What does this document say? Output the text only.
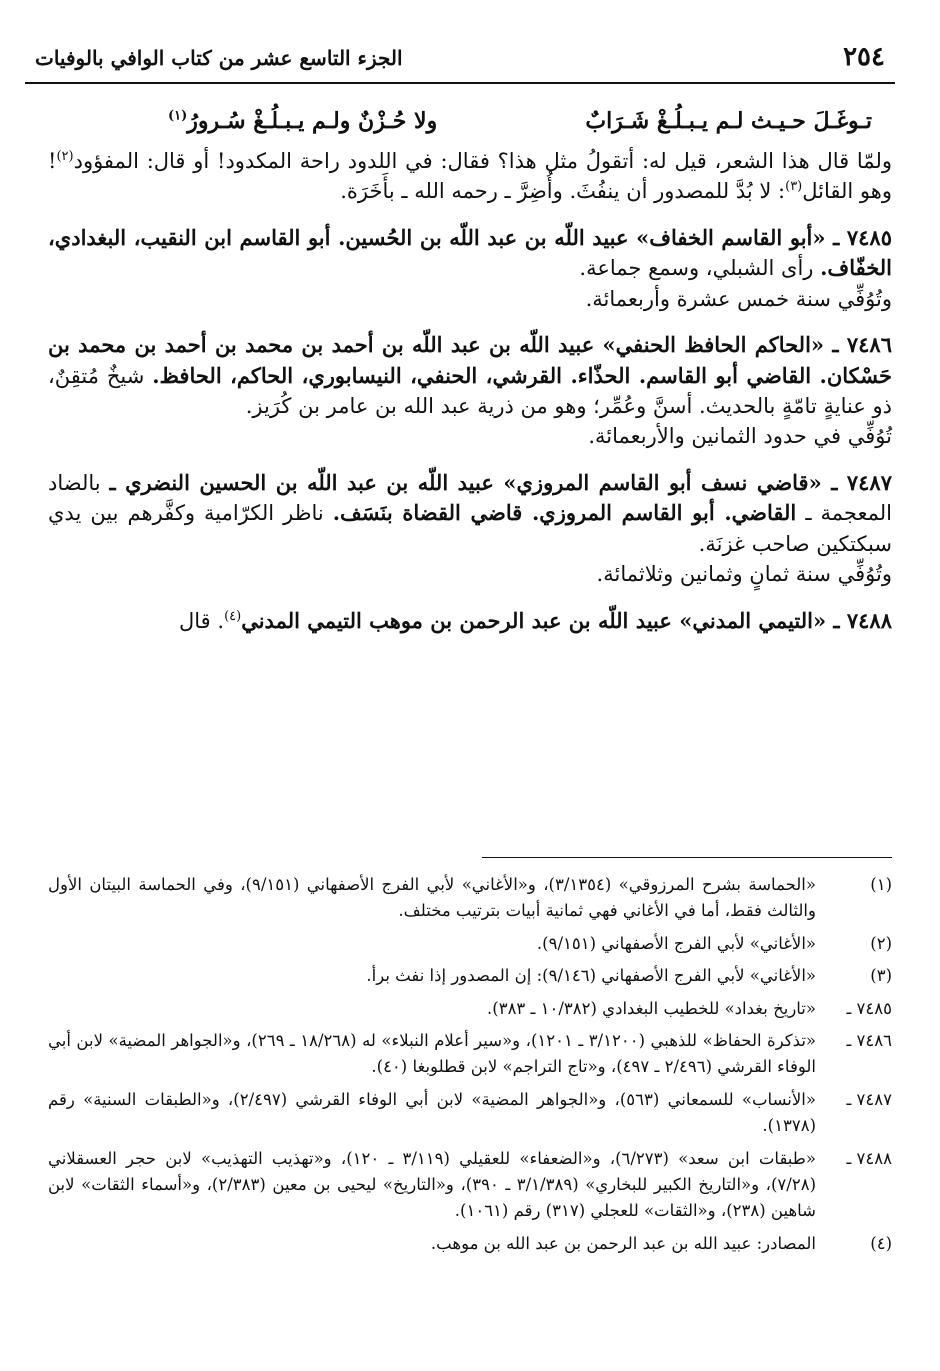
٢٥٤
الجزء التاسع عشر من كتاب الوافي بالوفيات
تـوغَـلَ حـيـث لـم يـبـلُـغْ شَـرَابٌ
ولا حُـزْنٌ ولـم يـبـلُـغْ سُـرورُ$^{(١)}$

ولمّا قال هذا الشعر، قيل له: أتقولُ مثل هذا؟ فقال: في اللدود راحة المكدود! أو قال: المفؤود$^{(٢)}$! وهو القائل$^{(٣)}$: لا بُدَّ للمصدور أن ينفُثَ. وأُضِرَّ ـ رحمه الله ـ بأَخَرَة.

٧٤٨٥ ـ «أبو القاسم الخفاف» عبيد اللّه بن عبد اللّه بن الحُسين. أبو القاسم ابن النقيب، البغدادي، الخفّاف. رأى الشبلي، وسمع جماعة.

وتُوُفِّي سنة خمس عشرة وأربعمائة.

٧٤٨٦ ـ «الحاكم الحافظ الحنفي» عبيد اللّه بن عبد اللّه بن أحمد بن محمد بن أحمد بن محمد بن حَسْكان. القاضي أبو القاسم. الحذّاء. القرشي، الحنفي، النيسابوري، الحاكم، الحافظ. شيخٌ مُتقِنٌ، ذو عنايةٍ تامّةٍ بالحديث. أسنَّ وعُمِّر؛ وهو من ذرية عبد الله بن عامر بن كُرَيز.

تُوُفِّي في حدود الثمانين والأربعمائة.

٧٤٨٧ ـ «قاضي نسف أبو القاسم المروزي» عبيد اللّه بن عبد اللّه بن الحسين النضري ـ بالضاد المعجمة ـ القاضي. أبو القاسم المروزي. قاضي القضاة بنَسَف. ناظر الكرّامية وكفَّرهم بين يدي سبكتكين صاحب غزنَة.

وتُوُفِّي سنة ثمانٍ وثمانين وثلاثمائة.

٧٤٨٨ ـ «التيمي المدني» عبيد اللّه بن عبد الرحمن بن موهب التيمي المدني$^{(٤)}$. قال

(١)
«الحماسة بشرح المرزوقي» (٣/١٣٥٤)، و«الأغاني» لأبي الفرج الأصفهاني (٩/١٥١)، وفي الحماسة البيتان الأول والثالث فقط، أما في الأغاني فهي ثمانية أبيات بترتيب مختلف.
(٢)
«الأغاني» لأبي الفرج الأصفهاني (٩/١٥١).
(٣)
«الأغاني» لأبي الفرج الأصفهاني (٩/١٤٦): إن المصدور إذا نفث برأ.
٧٤٨٥ ـ
«تاريخ بغداد» للخطيب البغدادي (١٠/٣٨٢ ـ ٣٨٣).
٧٤٨٦ ـ
«تذكرة الحفاظ» للذهبي (٣/١٢٠٠ ـ ١٢٠١)، و«سير أعلام النبلاء» له (١٨/٢٦٨ ـ ٢٦٩)، و«الجواهر المضية» لابن أبي الوفاء القرشي (٢/٤٩٦ ـ ٤٩٧)، و«تاج التراجم» لابن قطلوبغا (٤٠).
٧٤٨٧ ـ
«الأنساب» للسمعاني (٥٦٣)، و«الجواهر المضية» لابن أبي الوفاء القرشي (٢/٤٩٧)، و«الطبقات السنية» رقم (١٣٧٨).
٧٤٨٨ ـ
«طبقات ابن سعد» (٦/٢٧٣)، و«الضعفاء» للعقيلي (٣/١١٩ ـ ١٢٠)، و«تهذيب التهذيب» لابن حجر العسقلاني (٧/٢٨)، و«التاريخ الكبير للبخاري» (٣/١/٣٨٩ ـ ٣٩٠)، و«التاريخ» ليحيى بن معين (٢/٣٨٣)، و«أسماء الثقات» لابن شاهين (٢٣٨)، و«الثقات» للعجلي (٣١٧) رقم (١٠٦١).
(٤)
المصادر: عبيد الله بن عبد الرحمن بن عبد الله بن موهب.
